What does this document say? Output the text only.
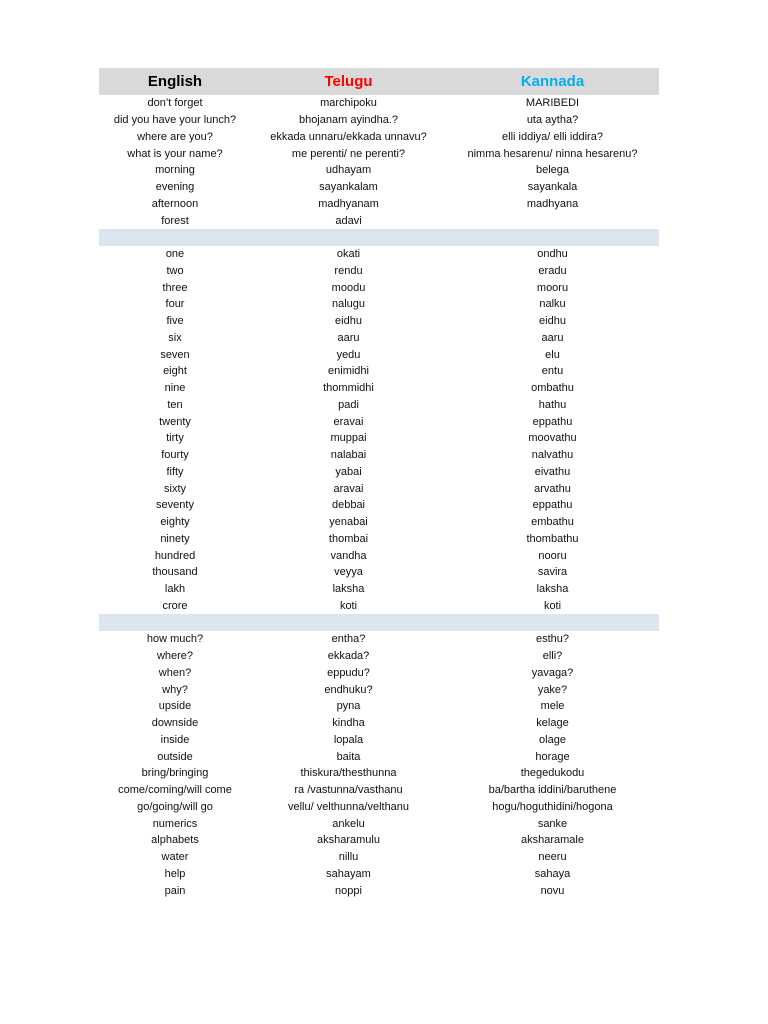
English	Telugu	Kannada
don’t forget	marchipoku	MARIBEDI
did you have your lunch?	bhojanam ayindha.?	uta aytha?
where are you?	ekkada unnaru/ekkada unnavu?	elli iddiya/ elli iddira?
what is your name?	me perenti/ ne perenti?	nimma hesarenu/ ninna hesarenu?
morning	udhayam	belega
evening	sayankalam	sayankala
afternoon	madhyanam	madhyana
forest	adavi
one	okati	ondhu
two	rendu	eradu
three	moodu	mooru
four	nalugu	nalku
five	eidhu	eidhu
six	aaru	aaru
seven	yedu	elu
eight	enimidhi	entu
nine	thommidhi	ombathu
ten	padi	hathu
twenty	eravai	eppathu
tirty	muppai	moovathu
fourty	nalabai	nalvathu
fifty	yabai	eivathu
sixty	aravai	arvathu
seventy	debbai	eppathu
eighty	yenabai	embathu
ninety	thombai	thombathu
hundred	vandha	nooru
thousand	veyya	savira
lakh	laksha	laksha
crore	koti	koti
how much?	entha?	esthu?
where?	ekkada?	elli?
when?	eppudu?	yavaga?
why?	endhuku?	yake?
upside	pyna	mele
downside	kindha	kelage
inside	lopala	olage
outside	baita	horage
bring/bringing	thiskura/thesthunna	thegedukodu
come/coming/will come	ra /vastunna/vasthanu	ba/bartha iddini/baruthene
go/going/will go	vellu/ velthunna/velthanu	hogu/hoguthidini/hogona
numerics	ankelu	sanke
alphabets	aksharamulu	aksharamale
water	nillu	neeru
help	sahayam	sahaya
pain	noppi	novu
